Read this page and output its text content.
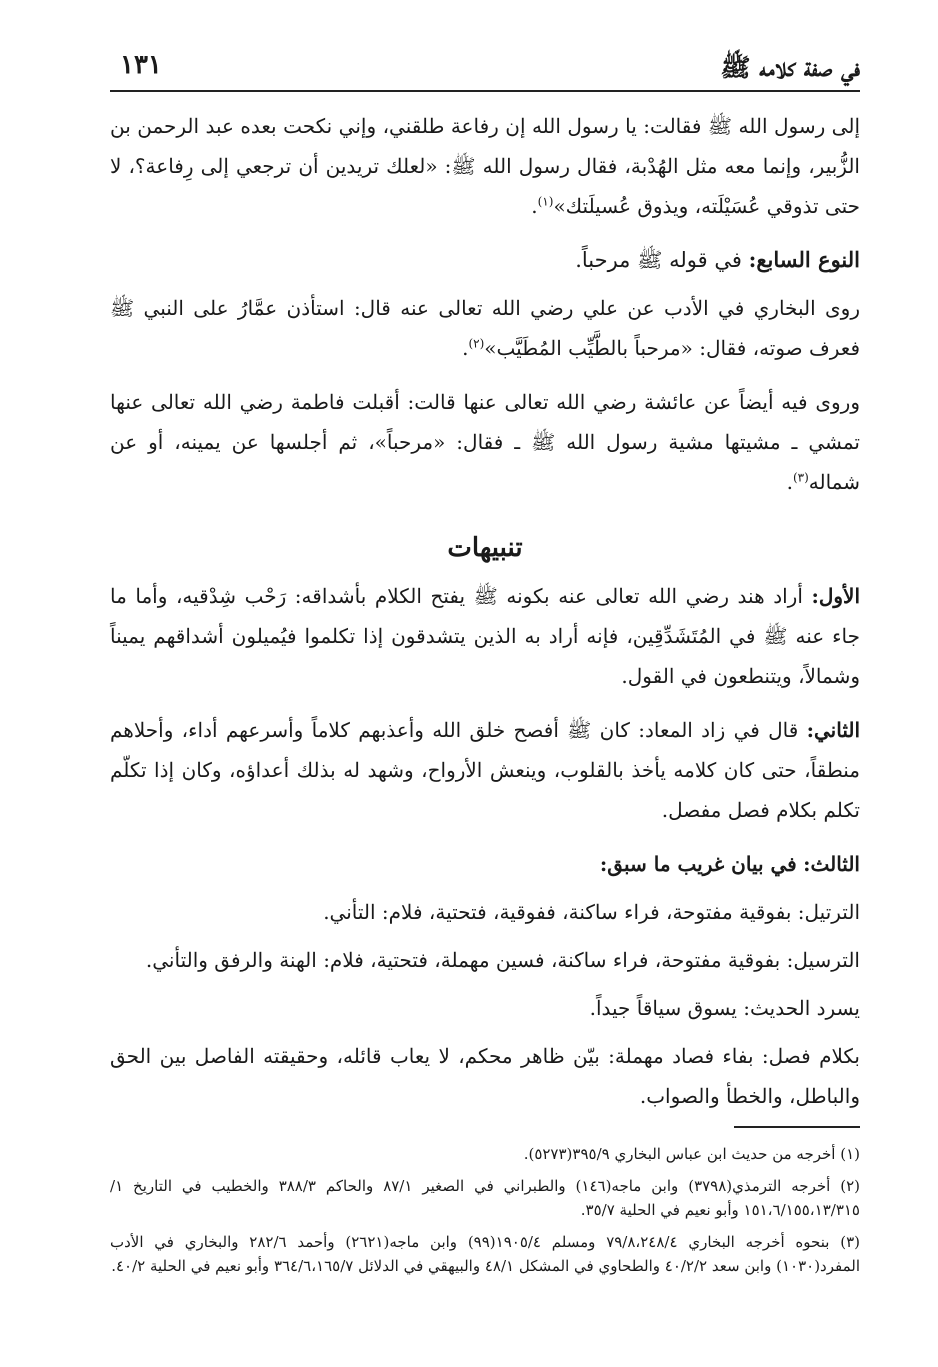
في صفة كلامه ﷺ
١٣١

إلى رسول الله ﷺ فقالت: يا رسول الله إن رفاعة طلقني، وإني نكحت بعده عبد الرحمن بن الزُّبير، وإنما معه مثل الهُدْبة، فقال رسول الله ﷺ: «لعلك تريدين أن ترجعي إلى رِفاعة؟، لا حتى تذوقي عُسَيْلَته، ويذوق عُسيلَتك»$^{(١)}$.

النوع السابع: في قوله ﷺ مرحباً.

روى البخاري في الأدب عن علي رضي الله تعالى عنه قال: استأذن عمَّارُ على النبي ﷺ فعرف صوته، فقال: «مرحباً بالطَّيِّب المُطَيَّب»$^{(٢)}$.

وروى فيه أيضاً عن عائشة رضي الله تعالى عنها قالت: أقبلت فاطمة رضي الله تعالى عنها تمشي ـ مشيتها مشية رسول الله ﷺ ـ فقال: «مرحباً»، ثم أجلسها عن يمينه، أو عن شماله$^{(٣)}$.

تنبيهات

الأول: أراد هند رضي الله تعالى عنه بكونه ﷺ يفتح الكلام بأشداقه: رَحْب شِدْقيه، وأما ما جاء عنه ﷺ في المُتَشَدِّقِين، فإنه أراد به الذين يتشدقون إذا تكلموا فيُميلون أشداقهم يميناً وشمالاً، ويتنطعون في القول.

الثاني: قال في زاد المعاد: كان ﷺ أفصح خلق الله وأعذبهم كلاماً وأسرعهم أداء، وأحلاهم منطقاً، حتى كان كلامه يأخذ بالقلوب، وينعش الأرواح، وشهد له بذلك أعداؤه، وكان إذا تكلّم تكلم بكلام فصل مفصل.

الثالث: في بيان غريب ما سبق:

الترتيل: بفوقية مفتوحة، فراء ساكنة، ففوقية، فتحتية، فلام: التأني.

الترسيل: بفوقية مفتوحة، فراء ساكنة، فسين مهملة، فتحتية، فلام: الهنة والرفق والتأني.

يسرد الحديث: يسوق سياقاً جيداً.

بكلام فصل: بفاء فصاد مهملة: بيّن ظاهر محكم، لا يعاب قائله، وحقيقته الفاصل بين الحق والباطل، والخطأ والصواب.

(١) أخرجه من حديث ابن عباس البخاري ٣٩٥/٩(٥٢٧٣).

(٢) أخرجه الترمذي(٣٧٩٨) وابن ماجه(١٤٦) والطبراني في الصغير ٨٧/١ والحاكم ٣٨٨/٣ والخطيب في التاريخ ١/ ١٥١،٦/١٥٥،١٣/٣١٥ وأبو نعيم في الحلية ٣٥/٧.

(٣) بنحوه أخرجه البخاري ٧٩/٨،٢٤٨/٤ ومسلم ١٩٠٥/٤(٩٩) وابن ماجه(٢٦٢١) وأحمد ٢٨٢/٦ والبخاري في الأدب المفرد(١٠٣٠) وابن سعد ٤٠/٢/٢ والطحاوي في المشكل ٤٨/١ والبيهقي في الدلائل ٣٦٤/٦،١٦٥/٧ وأبو نعيم في الحلية ٤٠/٢.
